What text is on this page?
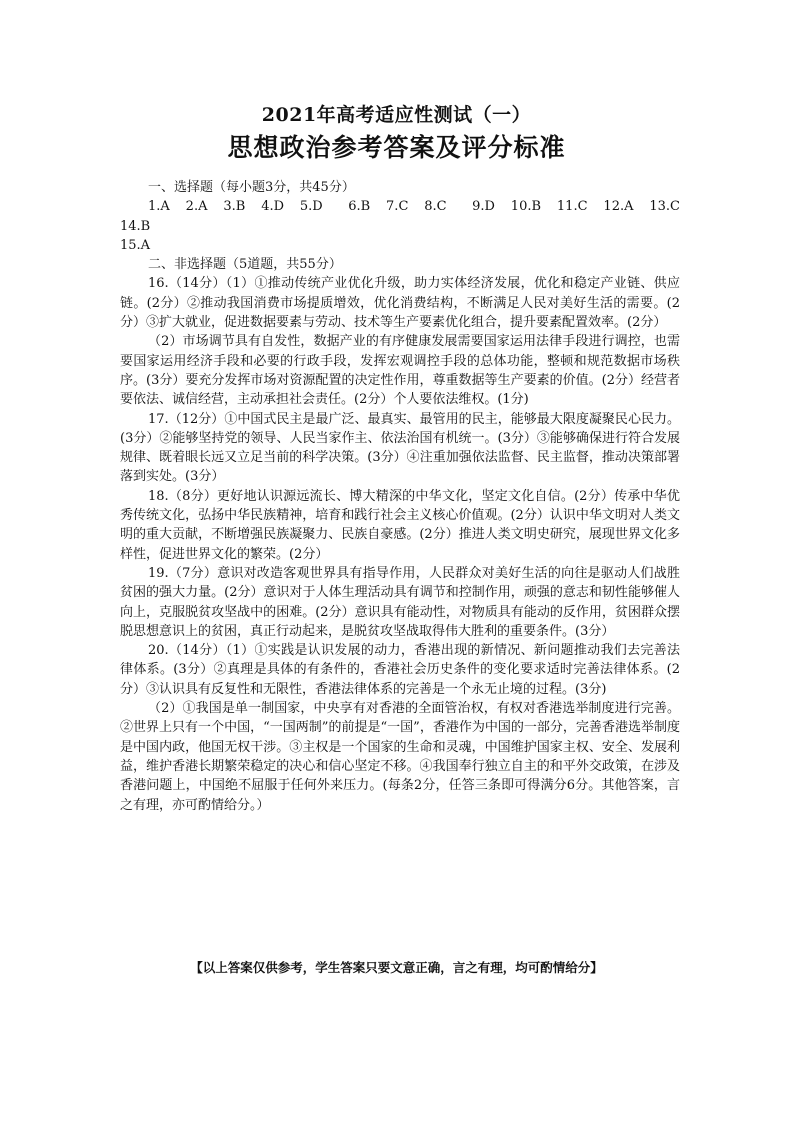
2021年高考适应性测试（一）
思想政治参考答案及评分标准

一、选择题（每小题3分，共45分）

1.A　2.A　3.B　4.D　5.D　 6.B　7.C　8.C　 9.D　10.B　11.C　12.A　13.C　14.B

15.A

二、非选择题（5道题，共55分）

16.（14分）（1）①推动传统产业优化升级，助力实体经济发展，优化和稳定产业链、供应链。(2分）②推动我国消费市场提质增效，优化消费结构，不断满足人民对美好生活的需要。(2分）③扩大就业，促进数据要素与劳动、技术等生产要素优化组合，提升要素配置效率。(2分）

（2）市场调节具有自发性，数据产业的有序健康发展需要国家运用法律手段进行调控，也需要国家运用经济手段和必要的行政手段，发挥宏观调控手段的总体功能，整顿和规范数据市场秩序。(3分）要充分发挥市场对资源配置的决定性作用，尊重数据等生产要素的价值。(2分）经营者要依法、诚信经营，主动承担社会责任。(2分）个人要依法维权。(1分)

17.（12分）①中国式民主是最广泛、最真实、最管用的民主，能够最大限度凝聚民心民力。(3分）②能够坚持党的领导、人民当家作主、依法治国有机统一。(3分）③能够确保进行符合发展规律、既着眼长远又立足当前的科学决策。(3分）④注重加强依法监督、民主监督，推动决策部署落到实处。(3分）

18.（8分）更好地认识源远流长、博大精深的中华文化，坚定文化自信。(2分）传承中华优秀传统文化，弘扬中华民族精神，培育和践行社会主义核心价值观。(2分）认识中华文明对人类文明的重大贡献，不断增强民族凝聚力、民族自豪感。(2分）推进人类文明史研究，展现世界文化多样性，促进世界文化的繁荣。(2分）

19.（7分）意识对改造客观世界具有指导作用，人民群众对美好生活的向往是驱动人们战胜贫困的强大力量。(2分）意识对于人体生理活动具有调节和控制作用，顽强的意志和韧性能够催人向上，克服脱贫攻坚战中的困难。(2分）意识具有能动性，对物质具有能动的反作用，贫困群众摆脱思想意识上的贫困，真正行动起来，是脱贫攻坚战取得伟大胜利的重要条件。(3分）

20.（14分）（1）①实践是认识发展的动力，香港出现的新情况、新问题推动我们去完善法律体系。(3分）②真理是具体的有条件的，香港社会历史条件的变化要求适时完善法律体系。(2分）③认识具有反复性和无限性，香港法律体系的完善是一个永无止境的过程。(3分)

（2）①我国是单一制国家，中央享有对香港的全面管治权，有权对香港选举制度进行完善。②世界上只有一个中国，“一国两制”的前提是“一国”，香港作为中国的一部分，完善香港选举制度是中国内政，他国无权干涉。③主权是一个国家的生命和灵魂，中国维护国家主权、安全、发展利益，维护香港长期繁荣稳定的决心和信心坚定不移。④我国奉行独立自主的和平外交政策，在涉及香港问题上，中国绝不屈服于任何外来压力。(每条2分，任答三条即可得满分6分。其他答案，言之有理，亦可酌情给分。）

【以上答案仅供参考，学生答案只要文意正确，言之有理，均可酌情给分】
